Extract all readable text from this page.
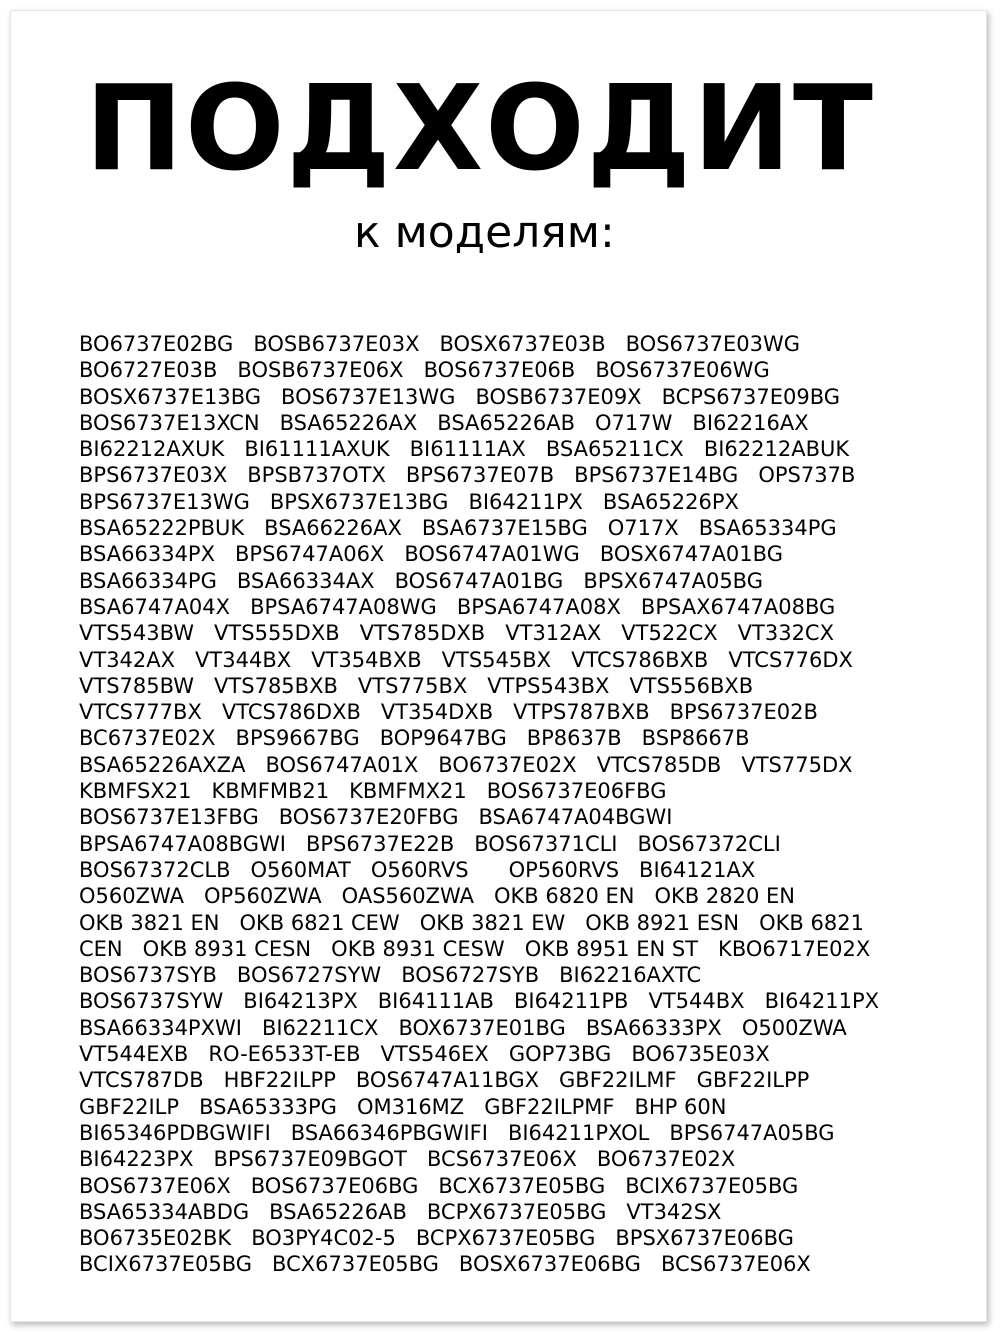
ПОДХОДИТ
к моделям:
BO6737E02BG   BOSB6737E03X   BOSX6737E03B   BOS6737E03WG
BO6727E03B   BOSB6737E06X   BOS6737E06B   BOS6737E06WG
BOSX6737E13BG   BOS6737E13WG   BOSB6737E09X   BCPS6737E09BG
BOS6737E13XCN   BSA65226AX   BSA65226AB   O717W   BI62216AX
BI62212AXUK   BI61111AXUK   BI61111AX   BSA65211CX   BI62212ABUK
BPS6737E03X   BPSB737OTX   BPS6737E07B   BPS6737E14BG   OPS737B
BPS6737E13WG   BPSX6737E13BG   BI64211PX   BSA65226PX
BSA65222PBUK   BSA66226AX   BSA6737E15BG   O717X   BSA65334PG
BSA66334PX   BPS6747A06X   BOS6747A01WG   BOSX6747A01BG
BSA66334PG   BSA66334AX   BOS6747A01BG   BPSX6747A05BG
BSA6747A04X   BPSA6747A08WG   BPSA6747A08X   BPSAX6747A08BG
VTS543BW   VTS555DXB   VTS785DXB   VT312AX   VT522CX   VT332CX
VT342AX   VT344BX   VT354BXB   VTS545BX   VTCS786BXB   VTCS776DX
VTS785BW   VTS785BXB   VTS775BX   VTPS543BX   VTS556BXB
VTCS777BX   VTCS786DXB   VT354DXB   VTPS787BXB   BPS6737E02B
BC6737E02X   BPS9667BG   BOP9647BG   BP8637B   BSP8667B
BSA65226AXZA   BOS6747A01X   BO6737E02X   VTCS785DB   VTS775DX
KBMFSX21   KBMFMB21   KBMFMX21   BOS6737E06FBG
BOS6737E13FBG   BOS6737E20FBG   BSA6747A04BGWI
BPSA6747A08BGWI   BPS6737E22B   BOS67371CLI   BOS67372CLI
BOS67372CLB   O560MAT   O560RVS      OP560RVS   BI64121AX
O560ZWA   OP560ZWA   OAS560ZWA   OKB 6820 EN   OKB 2820 EN
OKB 3821 EN   OKB 6821 CEW   OKB 3821 EW   OKB 8921 ESN   OKB 6821
CEN   OKB 8931 CESN   OKB 8931 CESW   OKB 8951 EN ST   KBO6717E02X
BOS6737SYB   BOS6727SYW   BOS6727SYB   BI62216AXTC
BOS6737SYW   BI64213PX   BI64111AB   BI64211PB   VT544BX   BI64211PX
BSA66334PXWI   BI62211CX   BOX6737E01BG   BSA66333PX   O500ZWA
VT544EXB   RO-E6533T-EB   VTS546EX   GOP73BG   BO6735E03X
VTCS787DB   HBF22ILPP   BOS6747A11BGX   GBF22ILMF   GBF22ILPP
GBF22ILP   BSA65333PG   OM316MZ   GBF22ILPMF   BHP 60N
BI65346PDBGWIFI   BSA66346PBGWIFI   BI64211PXOL   BPS6747A05BG
BI64223PX   BPS6737E09BGOT   BCS6737E06X   BO6737E02X
BOS6737E06X   BOS6737E06BG   BCX6737E05BG   BCIX6737E05BG
BSA65334ABDG   BSA65226AB   BCPX6737E05BG   VT342SX
BO6735E02BK   BO3PY4C02-5   BCPX6737E05BG   BPSX6737E06BG
BCIX6737E05BG   BCX6737E05BG   BOSX6737E06BG   BCS6737E06X
